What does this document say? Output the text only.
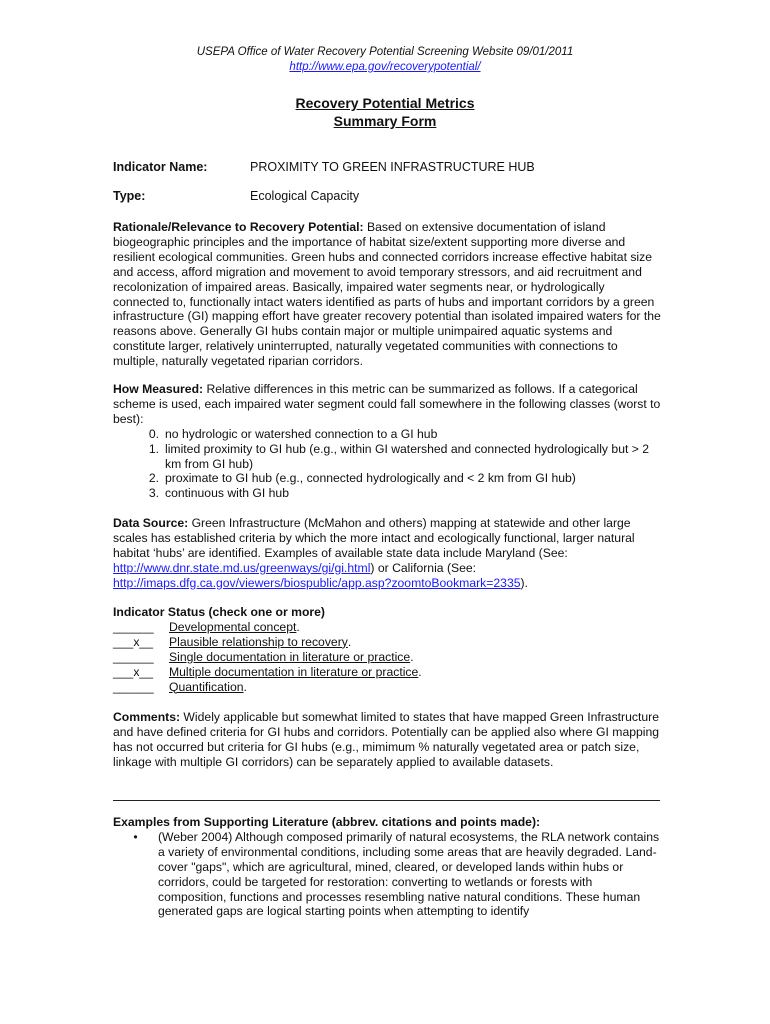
USEPA Office of Water Recovery Potential Screening Website 09/01/2011
http://www.epa.gov/recoverypotential/
Recovery Potential Metrics
Summary Form
Indicator Name:	PROXIMITY TO GREEN INFRASTRUCTURE HUB
Type:	Ecological Capacity
Rationale/Relevance to Recovery Potential: Based on extensive documentation of island biogeographic principles and the importance of habitat size/extent supporting more diverse and resilient ecological communities. Green hubs and connected corridors increase effective habitat size and access, afford migration and movement to avoid temporary stressors, and aid recruitment and recolonization of impaired areas. Basically, impaired water segments near, or hydrologically connected to, functionally intact waters identified as parts of hubs and important corridors by a green infrastructure (GI) mapping effort have greater recovery potential than isolated impaired waters for the reasons above. Generally GI hubs contain major or multiple unimpaired aquatic systems and constitute larger, relatively uninterrupted, naturally vegetated communities with connections to multiple, naturally vegetated riparian corridors.
How Measured: Relative differences in this metric can be summarized as follows. If a categorical scheme is used, each impaired water segment could fall somewhere in the following classes (worst to best):
0. no hydrologic or watershed connection to a GI hub
1. limited proximity to GI hub (e.g., within GI watershed and connected hydrologically but > 2 km from GI hub)
2. proximate to GI hub (e.g., connected hydrologically and < 2 km from GI hub)
3. continuous with GI hub
Data Source: Green Infrastructure (McMahon and others) mapping at statewide and other large scales has established criteria by which the more intact and ecologically functional, larger natural habitat ‘hubs’ are identified. Examples of available state data include Maryland (See: http://www.dnr.state.md.us/greenways/gi/gi.html) or California (See: http://imaps.dfg.ca.gov/viewers/biospublic/app.asp?zoomtoBookmark=2335).
Indicator Status (check one or more)
______	Developmental concept .
___x__	Plausible relationship to recovery .
______	Single documentation in literature or practice .
___x__	Multiple documentation in literature or practice .
______	Quantification .
Comments: Widely applicable but somewhat limited to states that have mapped Green Infrastructure and have defined criteria for GI hubs and corridors. Potentially can be applied also where GI mapping has not occurred but criteria for GI hubs (e.g., mimimum % naturally vegetated area or patch size, linkage with multiple GI corridors) can be separately applied to available datasets.
Examples from Supporting Literature (abbrev. citations and points made):
•	(Weber 2004) Although composed primarily of natural ecosystems, the RLA network contains a variety of environmental conditions, including some areas that are heavily degraded. Land-cover "gaps", which are agricultural, mined, cleared, or developed lands within hubs or corridors, could be targeted for restoration: converting to wetlands or forests with composition, functions and processes resembling native natural conditions. These human generated gaps are logical starting points when attempting to identify
